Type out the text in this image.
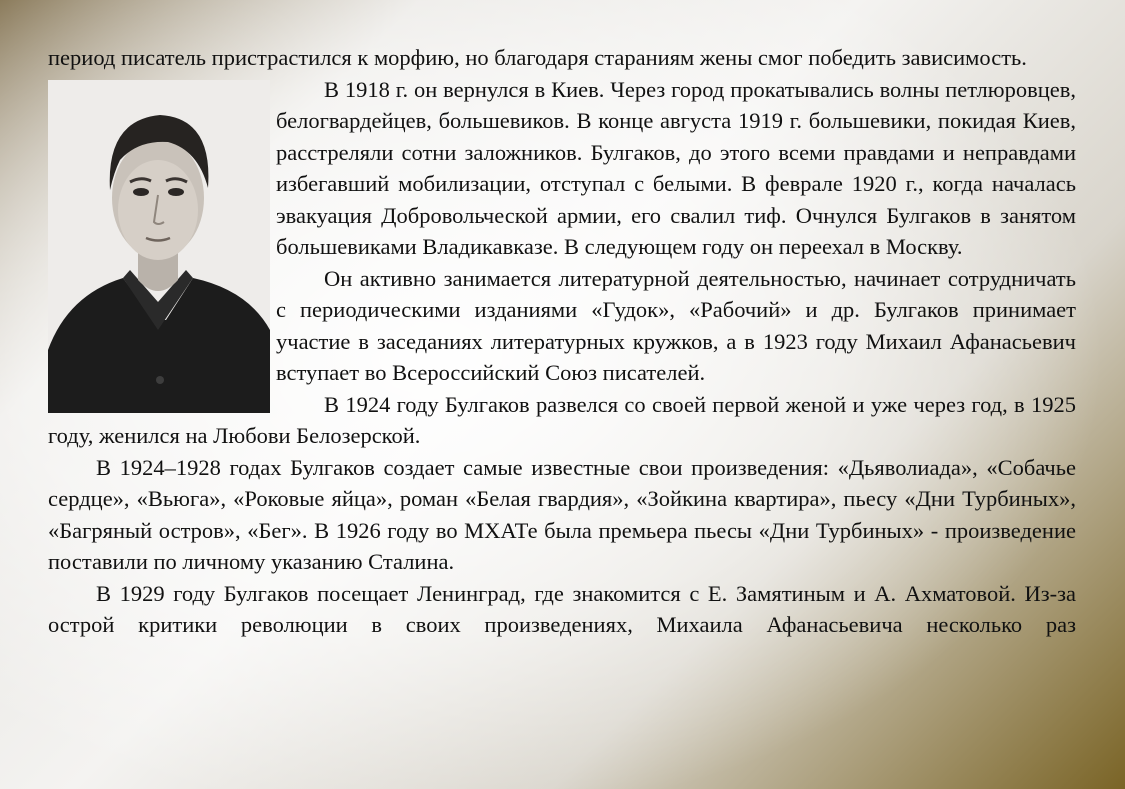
период писатель пристрастился к морфию, но благодаря стараниям жены смог победить зависимость.

В 1918 г. он вернулся в Киев. Через город прокатывались волны петлюровцев, белогвардейцев, большевиков. В конце августа 1919 г. большевики, покидая Киев, расстреляли сотни заложников. Булгаков, до этого всеми правдами и неправдами избегавший мобилизации, отступал с белыми. В феврале 1920 г., когда началась эвакуация Добровольческой армии, его свалил тиф. Очнулся Булгаков в занятом большевиками Владикавказе. В следующем году он переехал в Москву.

Он активно занимается литературной деятельностью, начинает сотрудничать с периодическими изданиями «Гудок», «Рабочий» и др. Булгаков принимает участие в заседаниях литературных кружков, а в 1923 году Михаил Афанасьевич вступает во Всероссийский Союз писателей.

В 1924 году Булгаков развелся со своей первой женой и уже через год, в 1925 году, женился на Любови Белозерской.

В 1924–1928 годах Булгаков создает самые известные свои произведения: «Дьяволиада», «Собачье сердце», «Вьюга», «Роковые яйца», роман «Белая гвардия», «Зойкина квартира», пьесу «Дни Турбиных», «Багряный остров», «Бег». В 1926 году во МХАТе была премьера пьесы «Дни Турбиных» - произведение поставили по личному указанию Сталина.

В 1929 году Булгаков посещает Ленинград, где знакомится с Е. Замятиным и А. Ахматовой. Из-за острой критики революции в своих произведениях, Михаила Афанасьевича несколько раз
